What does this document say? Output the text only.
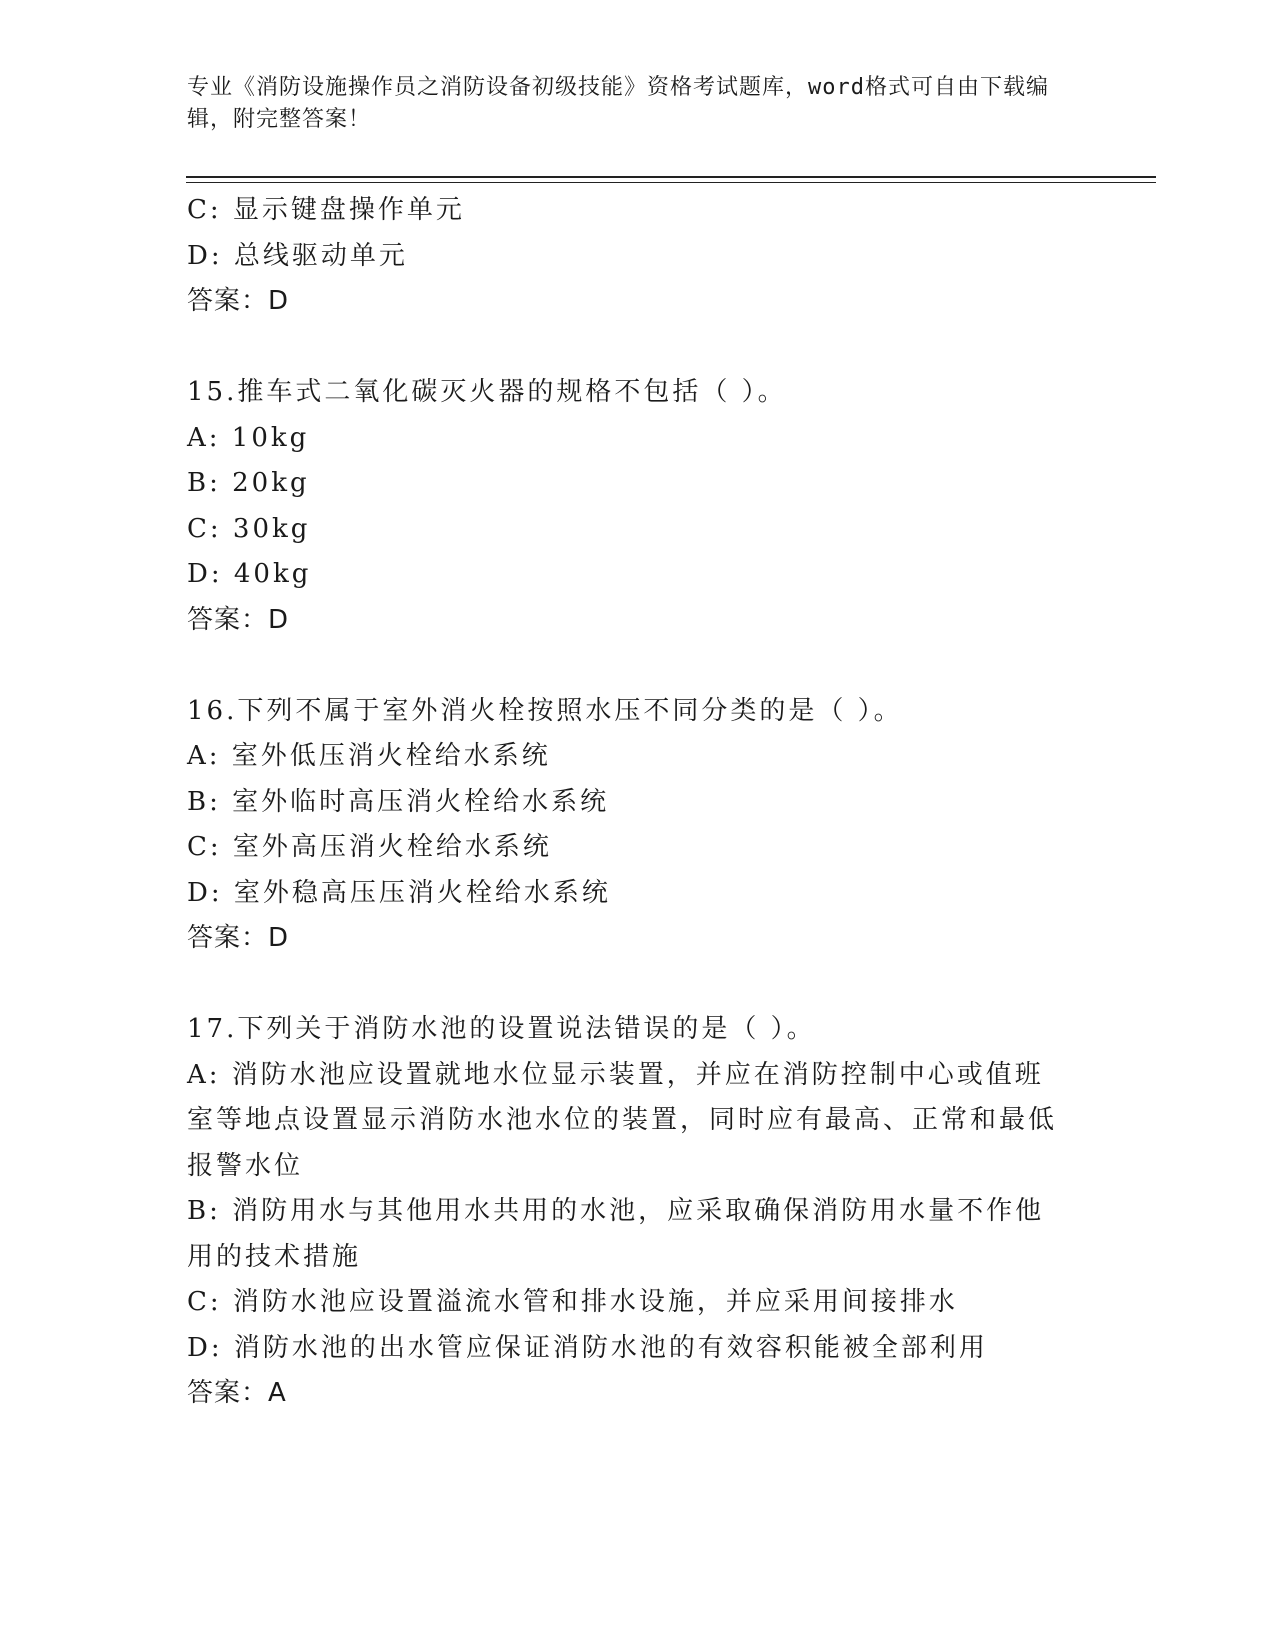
专业《消防设施操作员之消防设备初级技能》资格考试题库，word格式可自由下载编辑，附完整答案！
C: 显示键盘操作单元
D: 总线驱动单元
答案：D
15.推车式二氧化碳灭火器的规格不包括（ ）。
A: 10kg
B: 20kg
C: 30kg
D: 40kg
答案：D
16.下列不属于室外消火栓按照水压不同分类的是（ ）。
A: 室外低压消火栓给水系统
B: 室外临时高压消火栓给水系统
C: 室外高压消火栓给水系统
D: 室外稳高压压消火栓给水系统
答案：D
17.下列关于消防水池的设置说法错误的是（ ）。
A: 消防水池应设置就地水位显示装置，并应在消防控制中心或值班室等地点设置显示消防水池水位的装置，同时应有最高、正常和最低报警水位
B: 消防用水与其他用水共用的水池，应采取确保消防用水量不作他用的技术措施
C: 消防水池应设置溢流水管和排水设施，并应采用间接排水
D: 消防水池的出水管应保证消防水池的有效容积能被全部利用
答案：A
